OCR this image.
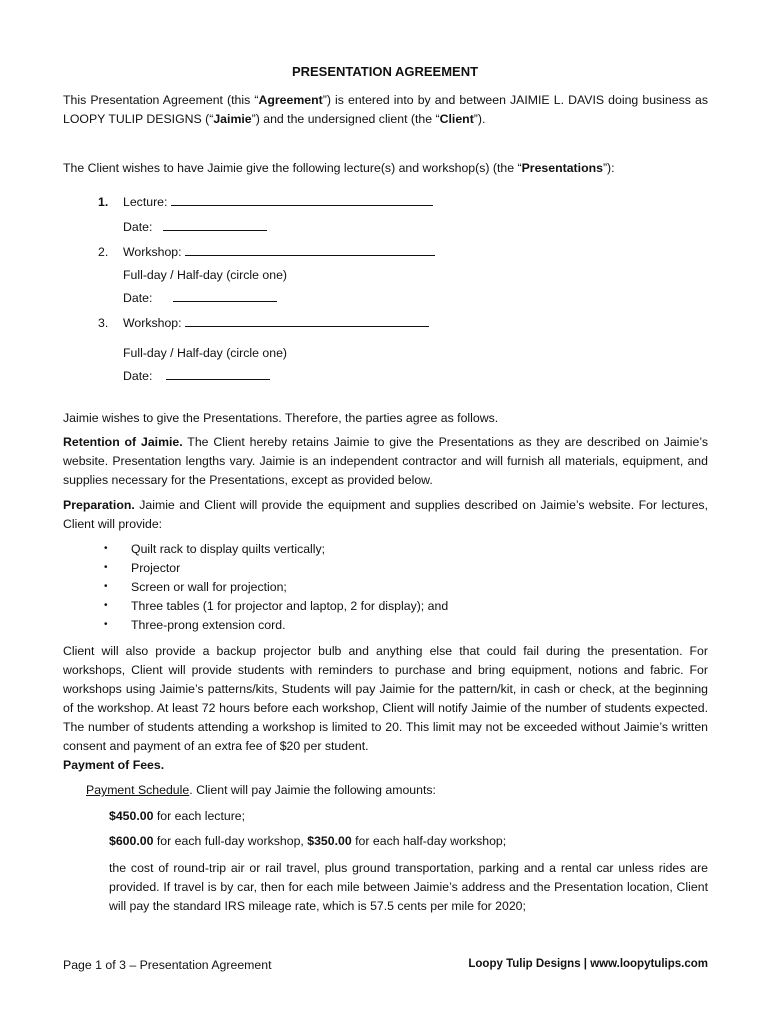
PRESENTATION AGREEMENT
This Presentation Agreement (this “Agreement”) is entered into by and between JAIMIE L. DAVIS doing business as LOOPY TULIP DESIGNS (“Jaimie”) and the undersigned client (the “Client”).
The Client wishes to have Jaimie give the following lecture(s) and workshop(s) (the “Presentations”):
1. Lecture:
Date:
2. Workshop:
Full-day / Half-day (circle one)
Date:
3. Workshop:
Full-day / Half-day (circle one)
Date:
Jaimie wishes to give the Presentations. Therefore, the parties agree as follows.
Retention of Jaimie. The Client hereby retains Jaimie to give the Presentations as they are described on Jaimie’s website. Presentation lengths vary. Jaimie is an independent contractor and will furnish all materials, equipment, and supplies necessary for the Presentations, except as provided below.
Preparation. Jaimie and Client will provide the equipment and supplies described on Jaimie’s website. For lectures, Client will provide:
• Quilt rack to display quilts vertically;
• Projector
• Screen or wall for projection;
• Three tables (1 for projector and laptop, 2 for display); and
• Three-prong extension cord.
Client will also provide a backup projector bulb and anything else that could fail during the presentation. For workshops, Client will provide students with reminders to purchase and bring equipment, notions and fabric. For workshops using Jaimie’s patterns/kits, Students will pay Jaimie for the pattern/kit, in cash or check, at the beginning of the workshop. At least 72 hours before each workshop, Client will notify Jaimie of the number of students expected. The number of students attending a workshop is limited to 20. This limit may not be exceeded without Jaimie’s written consent and payment of an extra fee of $20 per student.
Payment of Fees.
Payment Schedule. Client will pay Jaimie the following amounts:
$450.00 for each lecture;
$600.00 for each full-day workshop, $350.00 for each half-day workshop;
the cost of round-trip air or rail travel, plus ground transportation, parking and a rental car unless rides are provided. If travel is by car, then for each mile between Jaimie’s address and the Presentation location, Client will pay the standard IRS mileage rate, which is 57.5 cents per mile for 2020;
Page 1 of 3 – Presentation Agreement	Loopy Tulip Designs | www.loopytulips.com
